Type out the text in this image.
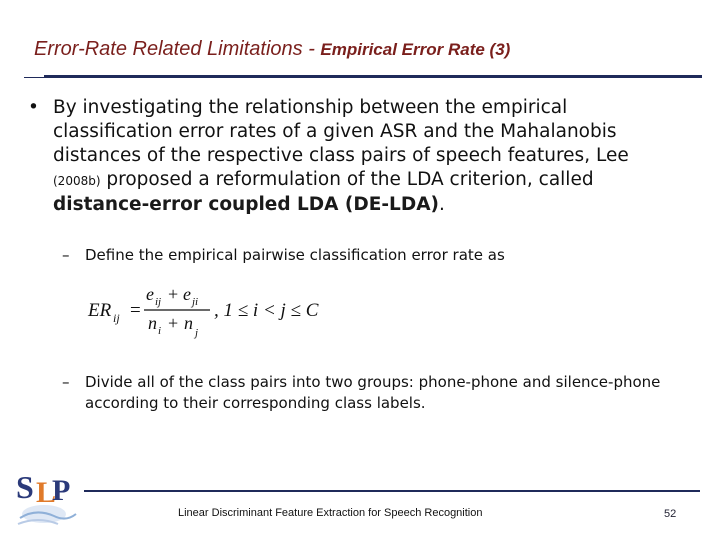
Error-Rate Related Limitations - Empirical Error Rate (3)
• By investigating the relationship between the empirical classification error rates of a given ASR and the Mahalanobis distances of the respective class pairs of speech features, Lee (2008b) proposed a reformulation of the LDA criterion, called distance-error coupled LDA (DE-LDA).
– Define the empirical pairwise classification error rate as
ER ij =
e ij + e ji
n i + n j
, 1 ≤ i < j ≤ C
– Divide all of the class pairs into two groups: phone-phone and silence-phone according to their corresponding class labels.
S L
P
Linear Discriminant Feature Extraction for Speech Recognition	52
